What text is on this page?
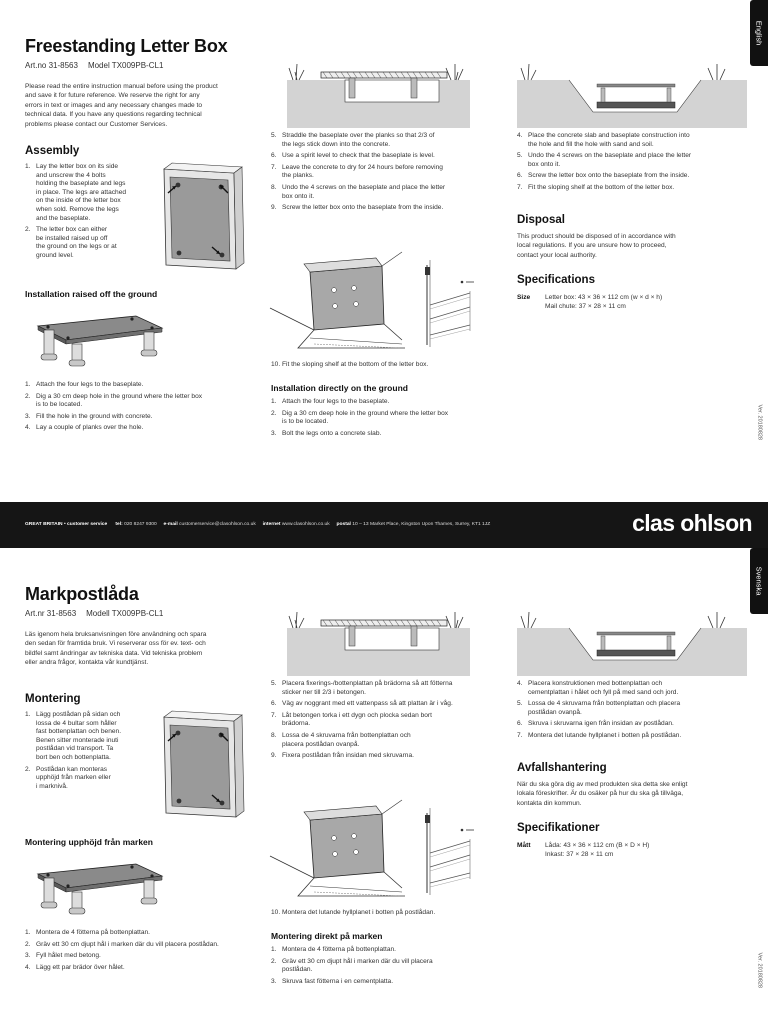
Freestanding Letter Box
Art.no 31-8563 Model TX009PB-CL1
Please read the entire instruction manual before using the product
and save it for future reference. We reserve the right for any
errors in text or images and any necessary changes made to
technical data. If you have any questions regarding technical
problems please contact our Customer Services.
Assembly
1. Lay the letter box on its side
and unscrew the 4 bolts
holding the baseplate and legs
in place. The legs are attached
on the inside of the letter box
when sold. Remove the legs
and the baseplate.
2. The letter box can either
be installed raised up off
the ground on the legs or at
ground level.
Installation raised off the ground
1. Attach the four legs to the baseplate.
2. Dig a 30 cm deep hole in the ground where the letter box
is to be located.
3. Fill the hole in the ground with concrete.
4. Lay a couple of planks over the hole.
5. Straddle the baseplate over the planks so that 2/3 of
the legs stick down into the concrete.
6. Use a spirit level to check that the baseplate is level.
7. Leave the concrete to dry for 24 hours before removing
the planks.
8. Undo the 4 screws on the baseplate and place the letter
box onto it.
9. Screw the letter box onto the baseplate from the inside.
10. Fit the sloping shelf at the bottom of the letter box.
Installation directly on the ground
1. Attach the four legs to the baseplate.
2. Dig a 30 cm deep hole in the ground where the letter box
is to be located.
3. Bolt the legs onto a concrete slab.
4. Place the concrete slab and baseplate construction into
the hole and fill the hole with sand and soil.
5. Undo the 4 screws on the baseplate and place the letter
box onto it.
6. Screw the letter box onto the baseplate from the inside.
7. Fit the sloping shelf at the bottom of the letter box.
Disposal
This product should be disposed of in accordance with
local regulations. If you are unsure how to proceed,
contact your local authority.
Specifications
Size	Letter box: 43 × 36 × 112 cm (w × d × h)
Mail chute: 37 × 28 × 11 cm
English
Ver. 20180828
GREAT BRITAIN • customer service tel: 020 8247 9300 e-mail customerservice@clasohlson.co.uk internet www.clasohlson.co.uk postal 10 – 13 Market Place, Kingston Upon Thames, Surrey, KT1 1JZ	clas ohlson
Markpostlåda
Art.nr 31-8563 Modell TX009PB-CL1
Läs igenom hela bruksanvisningen före användning och spara
den sedan för framtida bruk. Vi reserverar oss för ev. text- och
bildfel samt ändringar av tekniska data. Vid tekniska problem
eller andra frågor, kontakta vår kundtjänst.
Montering
1. Lägg postlådan på sidan och
lossa de 4 bultar som håller
fast bottenplattan och benen.
Benen sitter monterade inuti
postlådan vid transport. Ta
bort ben och bottenplatta.
2. Postlådan kan monteras
upphöjd från marken eller
i marknivå.
Montering upphöjd från marken
1. Montera de 4 fötterna på bottenplattan.
2. Gräv ett 30 cm djupt hål i marken där du vill placera postlådan.
3. Fyll hålet med betong.
4. Lägg ett par brädor över hålet.
5. Placera fixerings-/bottenplattan på brädorna så att fötterna
sticker ner till 2/3 i betongen.
6. Väg av noggrant med ett vattenpass så att plattan är i våg.
7. Låt betongen torka i ett dygn och plocka sedan bort
brädorna.
8. Lossa de 4 skruvarna från bottenplattan och
placera postlådan ovanpå.
9. Fixera postlådan från insidan med skruvarna.
10. Montera det lutande hyllplanet i botten på postlådan.
Montering direkt på marken
1. Montera de 4 fötterna på bottenplattan.
2. Gräv ett 30 cm djupt hål i marken där du vill placera
postlådan.
3. Skruva fast fötterna i en cementplatta.
4. Placera konstruktionen med bottenplattan och
cementplattan i hålet och fyll på med sand och jord.
5. Lossa de 4 skruvarna från bottenplattan och placera
postlådan ovanpå.
6. Skruva i skruvarna igen från insidan av postlådan.
7. Montera det lutande hyllplanet i botten på postlådan.
Avfallshantering
När du ska göra dig av med produkten ska detta ske enligt
lokala föreskrifter. Är du osäker på hur du ska gå tillväga,
kontakta din kommun.
Specifikationer
Mått	Låda: 43 × 36 × 112 cm (B × D × H)
Inkast: 37 × 28 × 11 cm
Svenska
Ver. 20180828
